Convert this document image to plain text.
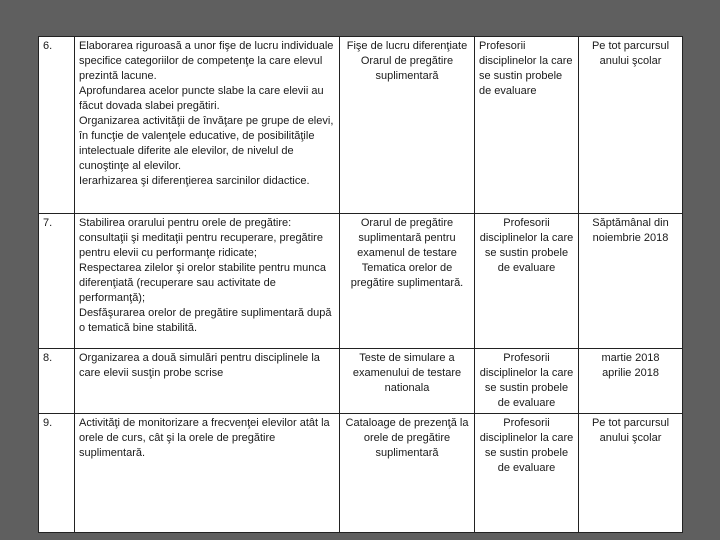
6.	Elaborarea riguroasă a unor fişe de lucru individuale specifice categoriilor de competenţe la care elevul prezintă lacune.
Aprofundarea acelor puncte slabe la care elevii au făcut dovada slabei pregătiri.
Organizarea activităţii de învăţare pe grupe de elevi, în funcţie de valenţele educative, de posibilităţile intelectuale diferite ale elevilor, de nivelul de cunoştinţe al elevilor.
Ierarhizarea şi diferenţierea sarcinilor didactice.	Fişe de lucru diferenţiate
Orarul de pregătire suplimentară	Profesorii disciplinelor la care se sustin probele de evaluare	Pe tot parcursul anului şcolar
7.	Stabilirea orarului pentru orele de pregătire: consultaţii şi meditaţii pentru recuperare, pregătire pentru elevii cu performanţe ridicate;
Respectarea zilelor şi orelor stabilite pentru munca diferenţiată (recuperare sau activitate de performanţă);
Desfăşurarea orelor de pregătire suplimentară după o tematică bine stabilită.	Orarul de pregătire suplimentară pentru examenul de testare
Tematica orelor de pregătire suplimentară.	Profesorii disciplinelor la care se sustin probele de evaluare	Săptămânal din noiembrie 2018
8.	Organizarea a două simulări pentru disciplinele la care elevii susţin probe scrise	Teste de simulare a examenului de testare nationala	Profesorii disciplinelor la care se sustin probele de evaluare	martie 2018
aprilie 2018
9.	Activităţi de monitorizare a frecvenţei elevilor atât la orele de curs, cât şi la orele de pregătire suplimentară.	Cataloage de prezenţă la orele de pregătire suplimentară	Profesorii disciplinelor la care se sustin probele de evaluare	Pe tot parcursul anului şcolar
